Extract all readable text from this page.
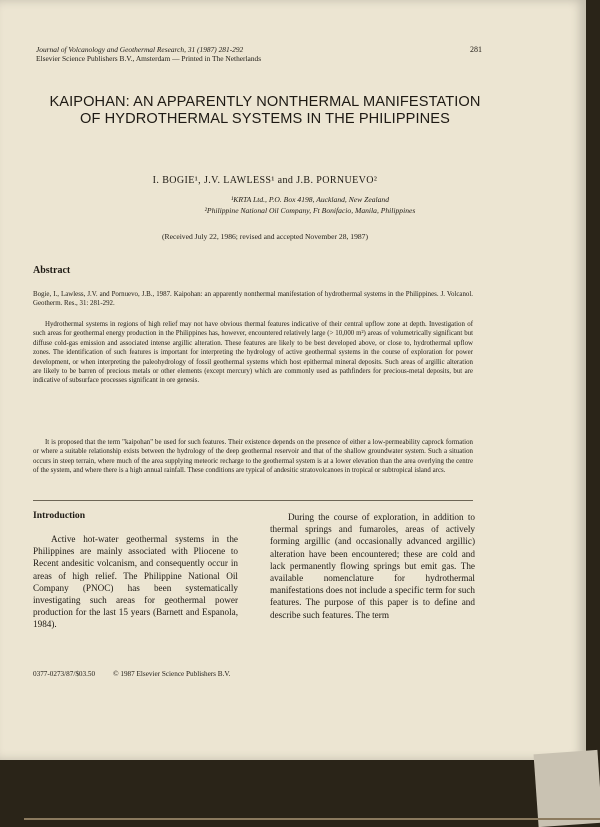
Journal of Volcanology and Geothermal Research, 31 (1987) 281-292
Elsevier Science Publishers B.V., Amsterdam — Printed in The Netherlands
281
KAIPOHAN: AN APPARENTLY NONTHERMAL MANIFESTATION OF HYDROTHERMAL SYSTEMS IN THE PHILIPPINES
I. BOGIE¹, J.V. LAWLESS¹ and J.B. PORNUEVO²
¹KRTA Ltd., P.O. Box 4198, Auckland, New Zealand
²Philippine National Oil Company, Ft Bonifacio, Manila, Philippines
(Received July 22, 1986; revised and accepted November 28, 1987)
Abstract

Bogie, I., Lawless, J.V. and Pornuevo, J.B., 1987. Kaipohan: an apparently nonthermal manifestation of hydrothermal systems in the Philippines. J. Volcanol. Geotherm. Res., 31: 281-292.

Hydrothermal systems in regions of high relief may not have obvious thermal features indicative of their central upflow zone at depth. Investigation of such areas for geothermal energy production in the Philippines has, however, encountered relatively large (> 10,000 m²) areas of volumetrically significant but diffuse cold-gas emission and associated intense argillic alteration. These features are likely to be best developed above, or close to, hydrothermal upflow zones. The identification of such features is important for interpreting the hydrology of active geothermal systems in the course of exploration for power development, or when interpreting the paleohydrology of fossil geothermal systems which host epithermal mineral deposits. Such areas of argillic alteration are likely to be barren of precious metals or other elements (except mercury) which are commonly used as pathfinders for precious-metal deposits, but are indicative of subsurface processes significant in ore genesis.

It is proposed that the term "kaipohan" be used for such features. Their existence depends on the presence of either a low-permeability caprock formation or where a suitable relationship exists between the hydrology of the deep geothermal reservoir and that of the shallow groundwater system. Such a situation occurs in steep terrain, where much of the area supplying meteoric recharge to the geothermal system is at a lower elevation than the area overlying the centre of the system, and where there is a high annual rainfall. These conditions are typical of andesitic stratovolcanoes in tropical or subtropical island arcs.

Introduction

Active hot-water geothermal systems in the Philippines are mainly associated with Pliocene to Recent andesitic volcanism, and consequently occur in areas of high relief. The Philippine National Oil Company (PNOC) has been systematically investigating such areas for geothermal power production for the last 15 years (Barnett and Espanola, 1984).

During the course of exploration, in addition to thermal springs and fumaroles, areas of actively forming argillic (and occasionally advanced argillic) alteration have been encountered; these are cold and lack permanently flowing springs but emit gas. The available nomenclature for hydrothermal manifestations does not include a specific term for such features. The purpose of this paper is to define and describe such features. The term

0377-0273/87/$03.50	© 1987 Elsevier Science Publishers B.V.
